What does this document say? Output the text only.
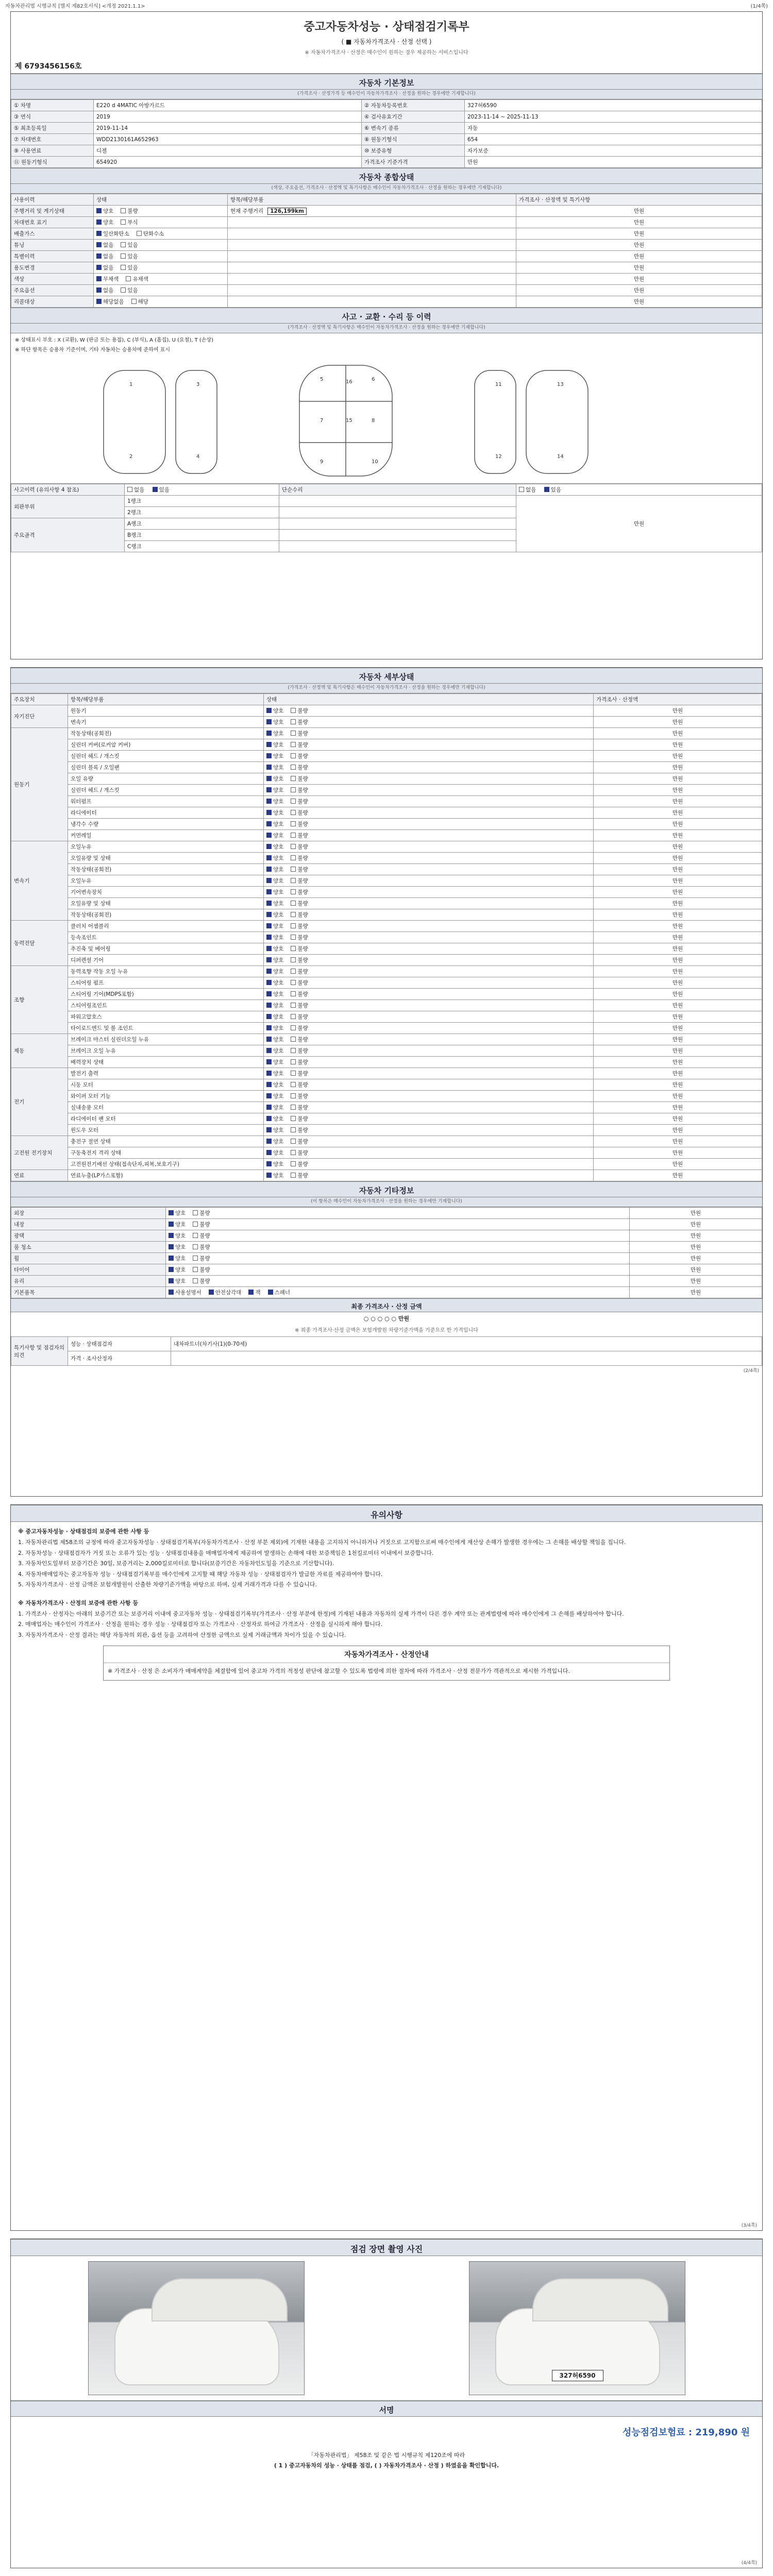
자동차관리법 시행규칙 [별지 제82호서식] <개정 2021.1.1>	(1/4쪽)
중고자동차성능 · 상태점검기록부
( ■ 자동차가격조사 · 산정 선택 )
※ 자동차가격조사 · 산정은 매수인이 원하는 경우 제공하는 서비스입니다
제 6793456156호
자동차 기본정보
(가격조사 · 산정가격 등 매수인이 자동차가격조사 · 산정을 원하는 경우에만 기재합니다)
① 차명	E220 d 4MATIC 아방가르드	② 자동차등록번호	327허6590
③ 연식	2019	④ 검사유효기간	2023-11-14 ~ 2025-11-13
⑤ 최초등록일	2019-11-14	⑥ 변속기 종류	자동
⑦ 차대번호	WDD2130161A652963	⑧ 원동기형식	654
⑨ 사용연료	디젤	⑩ 보증유형	자가보증
⑪ 원동기형식	654920	가격조사 기준가격	만원
자동차 종합상태
(색상, 주요옵션, 가격조사 · 산정액 및 특기사항은 매수인이 자동차가격조사 · 산정을 원하는 경우에만 기재합니다)
사용이력	상태	항목/해당부품	가격조사 · 산정액 및 특기사항
주행거리 및 계기상태	양호 불량	현재 주행거리 126,199km	만원
차대번호 표기	양호 부식		만원
배출가스	일산화탄소 탄화수소		만원
튜닝	없음 있음		만원
특별이력	없음 있음		만원
용도변경	없음 있음		만원
색상	무채색 유채색		만원
주요옵션	없음 있음		만원
리콜대상	해당없음 해당		만원
사고 · 교환 · 수리 등 이력
(가격조사 · 산정액 및 특기사항은 매수인이 자동차가격조사 · 산정을 원하는 경우에만 기재합니다)
※ 상태표시 부호 : X (교환), W (판금 또는 용접), C (부식), A (흠집), U (요철), T (손상)
※ 하단 항목은 승용차 기준이며, 기타 자동차는 승용차에 준하여 표시
1
2
3
4
5	6
7	8
9	10
11
12
13
14
15
16
사고이력 (유의사항 4 참조)	없음 있음	단순수리	없음 있음
외판부위	1랭크		만원
	2랭크		
주요골격	A랭크		
	B랭크		
	C랭크		
자동차 세부상태
(가격조사 · 산정액 및 특기사항은 매수인이 자동차가격조사 · 산정을 원하는 경우에만 기재합니다)
주요장치	항목/해당부품	상태	가격조사 · 산정액
자기진단	원동기	양호 불량	만원
	변속기	양호 불량	만원
원동기	작동상태(공회전)	양호 불량	만원
	실린더 커버(로커암 커버)	양호 불량	만원
	실린더 헤드 / 개스킷	양호 불량	만원
	실린더 블록 / 오일팬	양호 불량	만원
	오일 유량	양호 불량	만원
	실린더 헤드 / 개스킷	양호 불량	만원
	워터펌프	양호 불량	만원
	라디에이터	양호 불량	만원
	냉각수 수량	양호 불량	만원
	커먼레일	양호 불량	만원
변속기	오일누유	양호 불량	만원
	오일유량 및 상태	양호 불량	만원
	작동상태(공회전)	양호 불량	만원
	오일누유	양호 불량	만원
	기어변속장치	양호 불량	만원
	오일유량 및 상태	양호 불량	만원
	작동상태(공회전)	양호 불량	만원
동력전달	클러치 어셈블리	양호 불량	만원
	등속조인트	양호 불량	만원
	추진축 및 베어링	양호 불량	만원
	디퍼렌셜 기어	양호 불량	만원
조향	동력조향 작동 오일 누유	양호 불량	만원
	스티어링 펌프	양호 불량	만원
	스티어링 기어(MDPS포함)	양호 불량	만원
	스티어링조인트	양호 불량	만원
	파워고압호스	양호 불량	만원
	타이로드엔드 및 볼 조인트	양호 불량	만원
제동	브레이크 마스터 실린더오일 누유	양호 불량	만원
	브레이크 오일 누유	양호 불량	만원
	배력장치 상태	양호 불량	만원
전기	발전기 출력	양호 불량	만원
	시동 모터	양호 불량	만원
	와이퍼 모터 기능	양호 불량	만원
	실내송풍 모터	양호 불량	만원
	라디에이터 팬 모터	양호 불량	만원
	윈도우 모터	양호 불량	만원
고전원 전기장치	충전구 절연 상태	양호 불량	만원
	구동축전지 격리 상태	양호 불량	만원
	고전원전기배선 상태(접속단자,피복,보호기구)	양호 불량	만원
연료	연료누출(LP가스포함)	양호 불량	만원
자동차 기타정보
(이 항목은 매수인이 자동차가격조사 · 산정을 원하는 경우에만 기재합니다)
외장	양호 불량	만원
내장	양호 불량	만원
광택	양호 불량	만원
룸 청소	양호 불량	만원
휠	양호 불량	만원
타이어	양호 불량	만원
유리	양호 불량	만원
기본품목	사용설명서 안전삼각대 잭 스패너	만원
최종 가격조사 · 산정 금액
○ ○ ○ ○ ○ 만원
※ 최종 가격조사·산정 금액은 보험개발원 차량기준가액을 기준으로 한 가격입니다
특기사항 및 점검자의 의견	성능 · 상태점검자	내차파트너(차기사(1)(0-70세)
	가격 · 조사산정자	
(2/4쪽)
유의사항
※ 중고자동차성능 · 상태점검의 보증에 관한 사항 등

1. 자동차관리법 제58조의 규정에 따라 중고자동차성능 · 상태점검기록부(자동차가격조사 · 산정 부분 제외)에 기재한 내용을 고지하지 아니하거나 거짓으로 고지함으로써 매수인에게 재산상 손해가 발생한 경우에는 그 손해를 배상할 책임을 집니다.

2. 자동차성능 · 상태점검자가 거짓 또는 오류가 있는 성능 · 상태점검내용을 매매업자에게 제공하여 발생하는 손해에 대한 보증책임은 1천킬로미터 이내에서 보증합니다.

3. 자동차인도일부터 보증기간은 30일, 보증거리는 2,000킬로미터로 합니다(보증기간은 자동차인도일을 기준으로 기산합니다).

4. 자동차매매업자는 중고자동차 성능 · 상태점검기록부를 매수인에게 고지할 때 해당 자동차 성능 · 상태점검자가 발급한 자료를 제공하여야 합니다.

5. 자동차가격조사 · 산정 금액은 보험개발원이 산출한 차량기준가액을 바탕으로 하며, 실제 거래가격과 다를 수 있습니다.

※ 자동차가격조사 · 산정의 보증에 관한 사항 등

1. 가격조사 · 산정자는 아래의 보증기간 또는 보증거리 이내에 중고자동차 성능 · 상태점검기록부(가격조사 · 산정 부분에 한정)에 기재된 내용과 자동차의 실제 가격이 다른 경우 계약 또는 관계법령에 따라 매수인에게 그 손해를 배상하여야 합니다.

2. 매매업자는 매수인이 가격조사 · 산정을 원하는 경우 성능 · 상태점검자 또는 가격조사 · 산정자로 하여금 가격조사 · 산정을 실시하게 해야 합니다.

3. 자동차가격조사 · 산정 결과는 해당 자동차의 외관, 옵션 등을 고려하여 산정한 금액으로 실제 거래금액과 차이가 있을 수 있습니다.

자동차가격조사 · 산정안내
※ 가격조사 · 산정 은 소비자가 매매계약을 체결함에 있어 중고차 가격의 적정성 판단에 참고할 수 있도록 법령에 의한 절차에 따라 가격조사 · 산정 전문가가 객관적으로 제시한 가격입니다.
(3/4쪽)
점검 장면 촬영 사진
327허6590
서명
성능점검보험료 : 219,890 원
「자동차관리법」 제58조 및 같은 법 시행규칙 제120조에 따라
( 1 ) 중고자동차의 성능 · 상태를 점검, ( ) 자동차가격조사 · 산정 ) 하였음을 확인합니다.
(4/4쪽)
